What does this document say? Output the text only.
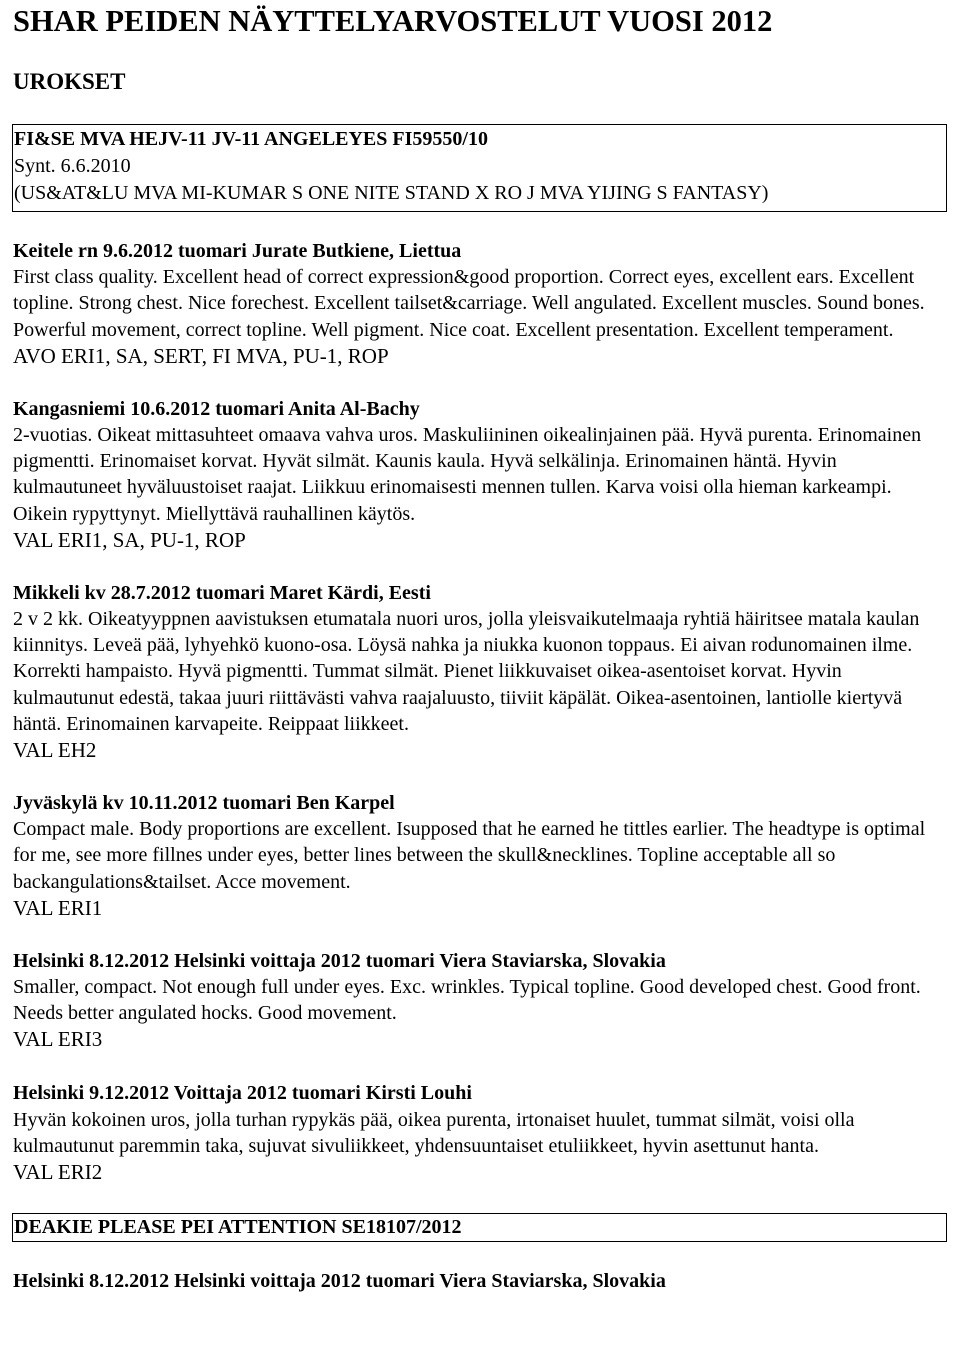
SHAR PEIDEN NÄYTTELYARVOSTELUT VUOSI 2012
UROKSET
FI&SE MVA HEJV-11 JV-11 ANGELEYES FI59550/10
Synt. 6.6.2010
(US&AT&LU MVA MI-KUMAR S ONE NITE STAND X RO J MVA YIJING S FANTASY)
Keitele rn 9.6.2012 tuomari Jurate Butkiene, Liettua

First class quality. Excellent head of correct expression&good proportion. Correct eyes, excellent ears. Excellent topline. Strong chest. Nice forechest. Excellent tailset&carriage. Well angulated. Excellent muscles. Sound bones. Powerful movement, correct topline. Well pigment. Nice coat. Excellent presentation. Excellent temperament.

AVO ERI1, SA, SERT, FI MVA, PU-1, ROP
Kangasniemi 10.6.2012 tuomari Anita Al-Bachy

2-vuotias. Oikeat mittasuhteet omaava vahva uros. Maskuliininen oikealinjainen pää. Hyvä purenta. Erinomainen pigmentti. Erinomaiset korvat. Hyvät silmät. Kaunis kaula. Hyvä selkälinja. Erinomainen häntä. Hyvin kulmautuneet hyväluustoiset raajat. Liikkuu erinomaisesti mennen tullen. Karva voisi olla hieman karkeampi. Oikein rypyttynyt. Miellyttävä rauhallinen käytös.

VAL ERI1, SA, PU-1, ROP
Mikkeli kv 28.7.2012 tuomari Maret Kärdi, Eesti

2 v 2 kk. Oikeatyyppnen aavistuksen etumatala nuori uros, jolla yleisvaikutelmaaja ryhtiä häiritsee matala kaulan kiinnitys. Leveä pää, lyhyehkö kuono-osa. Löysä nahka ja niukka kuonon toppaus. Ei aivan rodunomainen ilme. Korrekti hampaisto. Hyvä pigmentti. Tummat silmät. Pienet liikkuvaiset oikea-asentoiset korvat. Hyvin kulmautunut edestä, takaa juuri riittävästi vahva raajaluusto, tiiviit käpälät. Oikea-asentoinen, lantiolle kiertyvä häntä. Erinomainen karvapeite. Reippaat liikkeet.

VAL EH2
Jyväskylä kv 10.11.2012 tuomari Ben Karpel

Compact male. Body proportions are excellent. Isupposed that he earned he tittles earlier. The headtype is optimal for me, see more fillnes under eyes, better lines between the skull&necklines. Topline acceptable all so backangulations&tailset. Acce movement.

VAL ERI1
Helsinki 8.12.2012 Helsinki voittaja 2012 tuomari Viera Staviarska, Slovakia

Smaller, compact. Not enough full under eyes. Exc. wrinkles. Typical topline. Good developed chest. Good front. Needs better angulated hocks. Good movement.

VAL ERI3
Helsinki 9.12.2012 Voittaja 2012 tuomari Kirsti Louhi

Hyvän kokoinen uros, jolla turhan rypykäs pää, oikea purenta, irtonaiset huulet, tummat silmät, voisi olla kulmautunut paremmin taka, sujuvat sivuliikkeet, yhdensuuntaiset etuliikkeet, hyvin asettunut hanta.

VAL ERI2
DEAKIE PLEASE PEI ATTENTION SE18107/2012
Helsinki 8.12.2012 Helsinki voittaja 2012 tuomari Viera Staviarska, Slovakia
